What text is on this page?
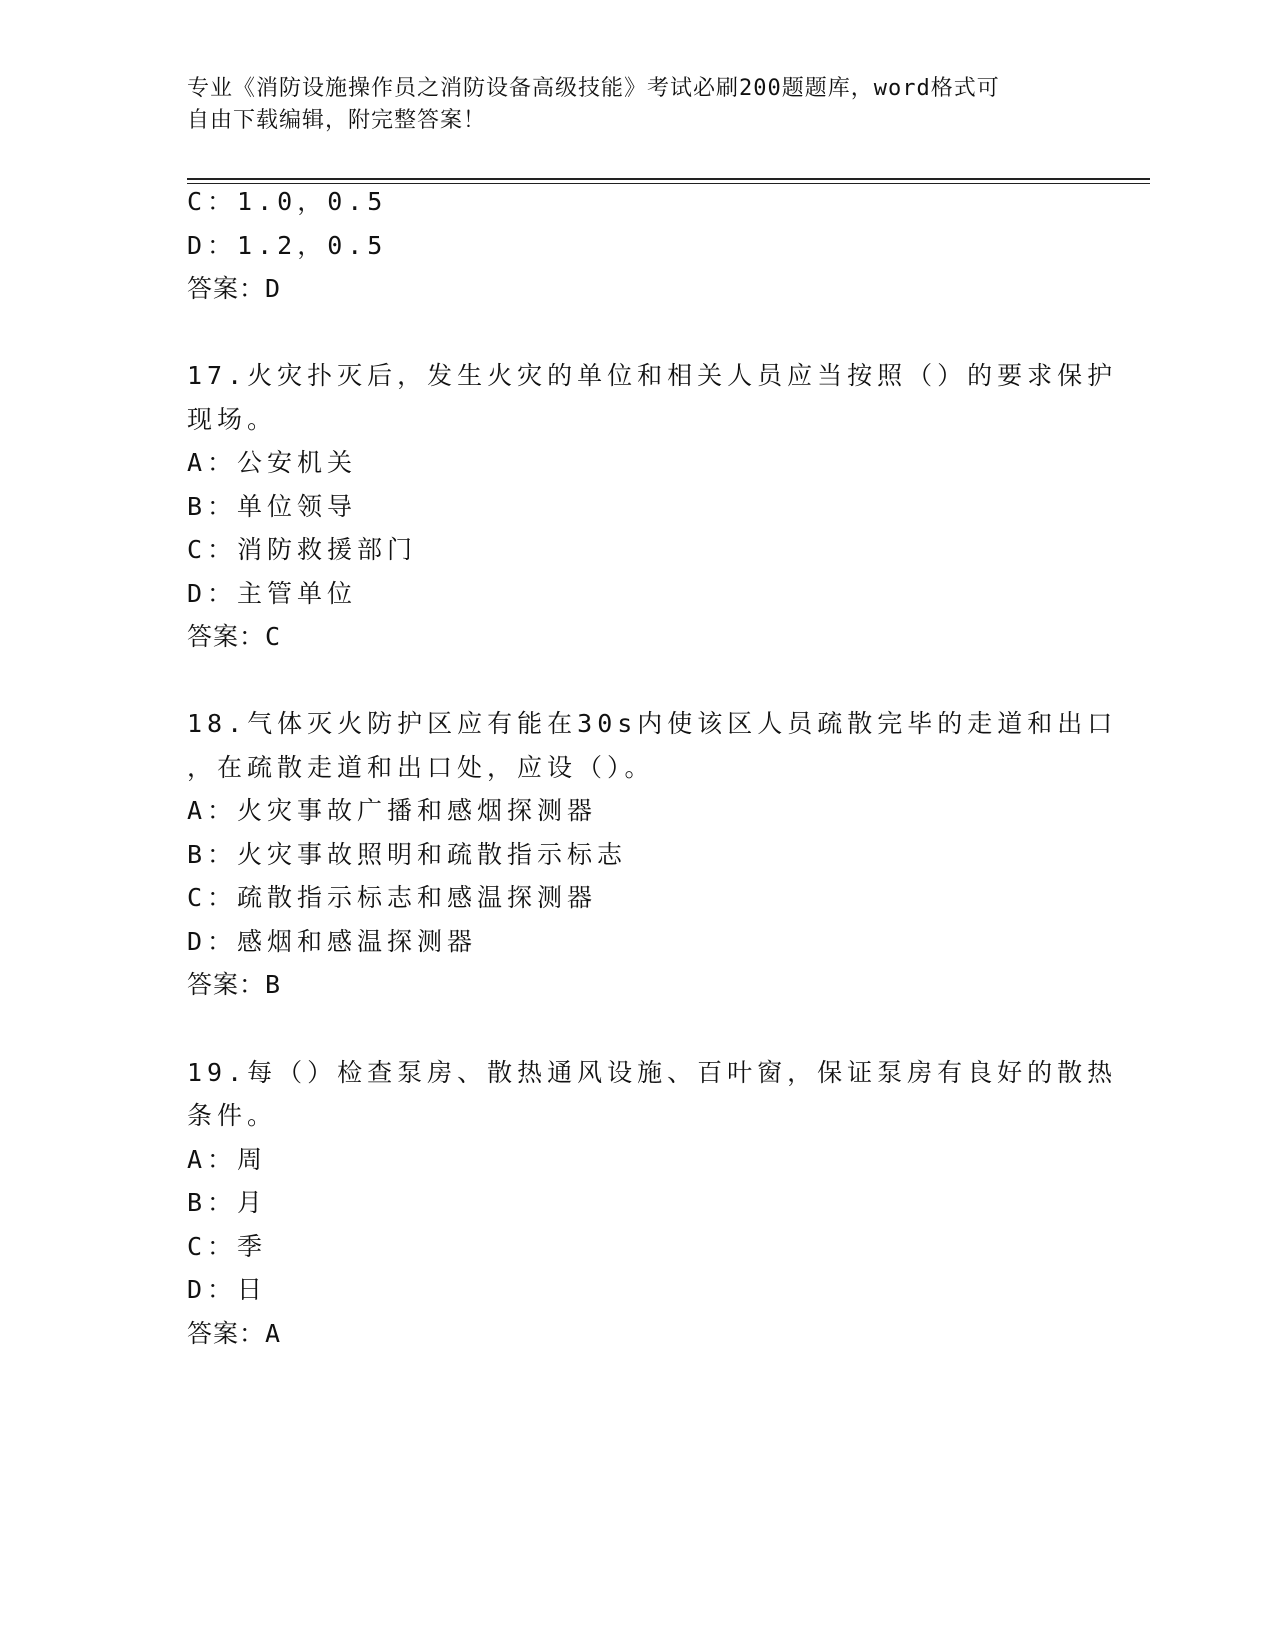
专业《消防设施操作员之消防设备高级技能》考试必刷200题题库，word格式可
自由下载编辑，附完整答案！
C：1.0，0.5
D：1.2，0.5
答案：D
17.火灾扑灭后，发生火灾的单位和相关人员应当按照（）的要求保护
现场。
A：公安机关
B：单位领导
C：消防救援部门
D：主管单位
答案：C
18.气体灭火防护区应有能在30s内使该区人员疏散完毕的走道和出口
，在疏散走道和出口处，应设（）。
A：火灾事故广播和感烟探测器
B：火灾事故照明和疏散指示标志
C：疏散指示标志和感温探测器
D：感烟和感温探测器
答案：B
19.每（）检查泵房、散热通风设施、百叶窗，保证泵房有良好的散热
条件。
A：周
B：月
C：季
D：日
答案：A
